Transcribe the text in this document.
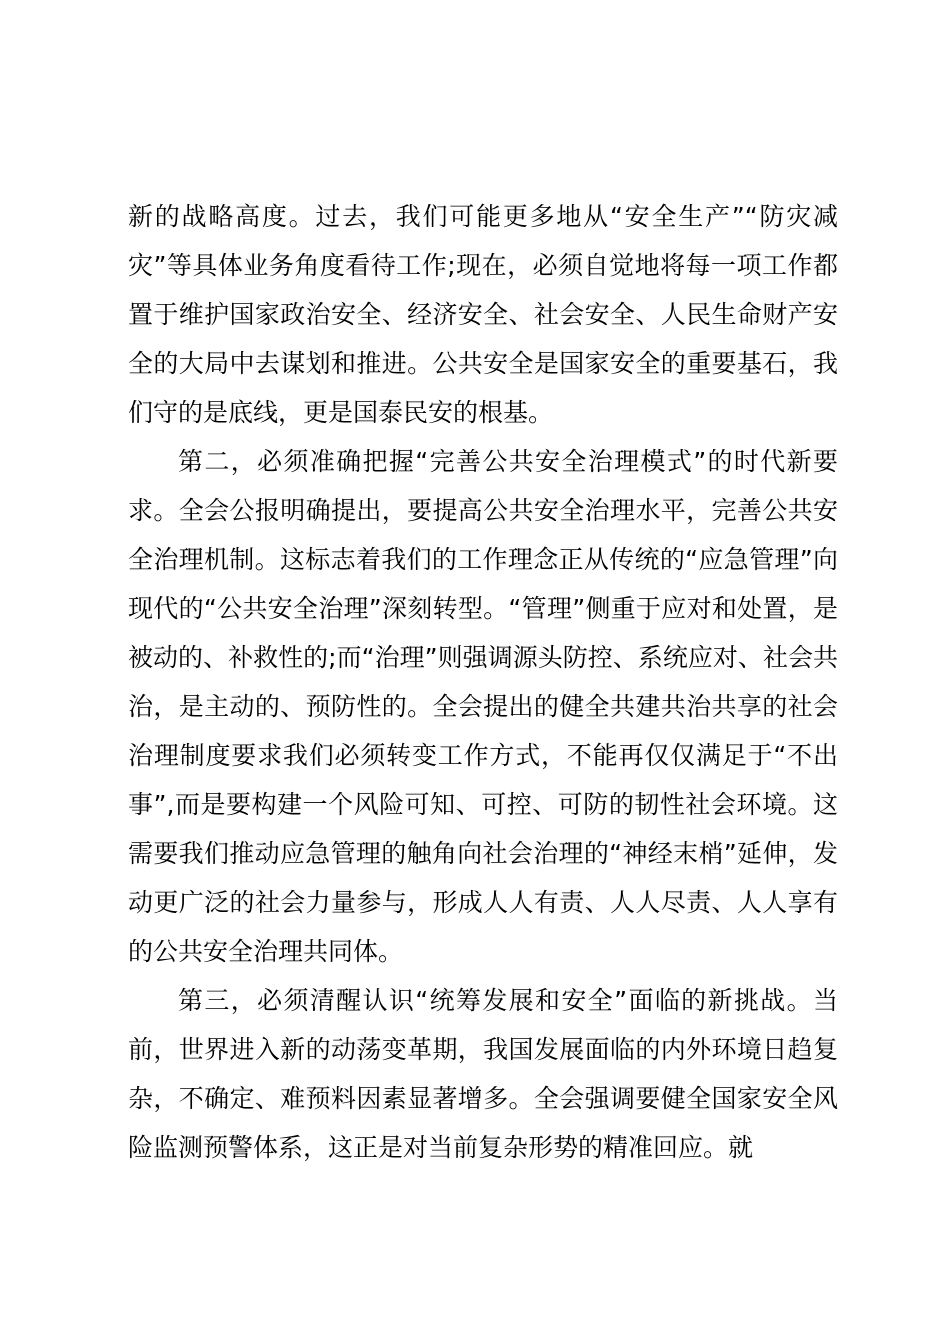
新的战略高度。过去，我们可能更多地从“安全生产”“防灾减灾”等具体业务角度看待工作;现在，必须自觉地将每一项工作都置于维护国家政治安全、经济安全、社会安全、人民生命财产安全的大局中去谋划和推进。公共安全是国家安全的重要基石，我们守的是底线，更是国泰民安的根基。

第二，必须准确把握“完善公共安全治理模式”的时代新要求。全会公报明确提出，要提高公共安全治理水平，完善公共安全治理机制。这标志着我们的工作理念正从传统的“应急管理”向现代的“公共安全治理”深刻转型。“管理”侧重于应对和处置，是被动的、补救性的;而“治理”则强调源头防控、系统应对、社会共治，是主动的、预防性的。全会提出的健全共建共治共享的社会治理制度要求我们必须转变工作方式，不能再仅仅满足于“不出事”,而是要构建一个风险可知、可控、可防的韧性社会环境。这需要我们推动应急管理的触角向社会治理的“神经末梢”延伸，发动更广泛的社会力量参与，形成人人有责、人人尽责、人人享有的公共安全治理共同体。

第三，必须清醒认识“统筹发展和安全”面临的新挑战。当前，世界进入新的动荡变革期，我国发展面临的内外环境日趋复杂，不确定、难预料因素显著增多。全会强调要健全国家安全风险监测预警体系，这正是对当前复杂形势的精准回应。就
